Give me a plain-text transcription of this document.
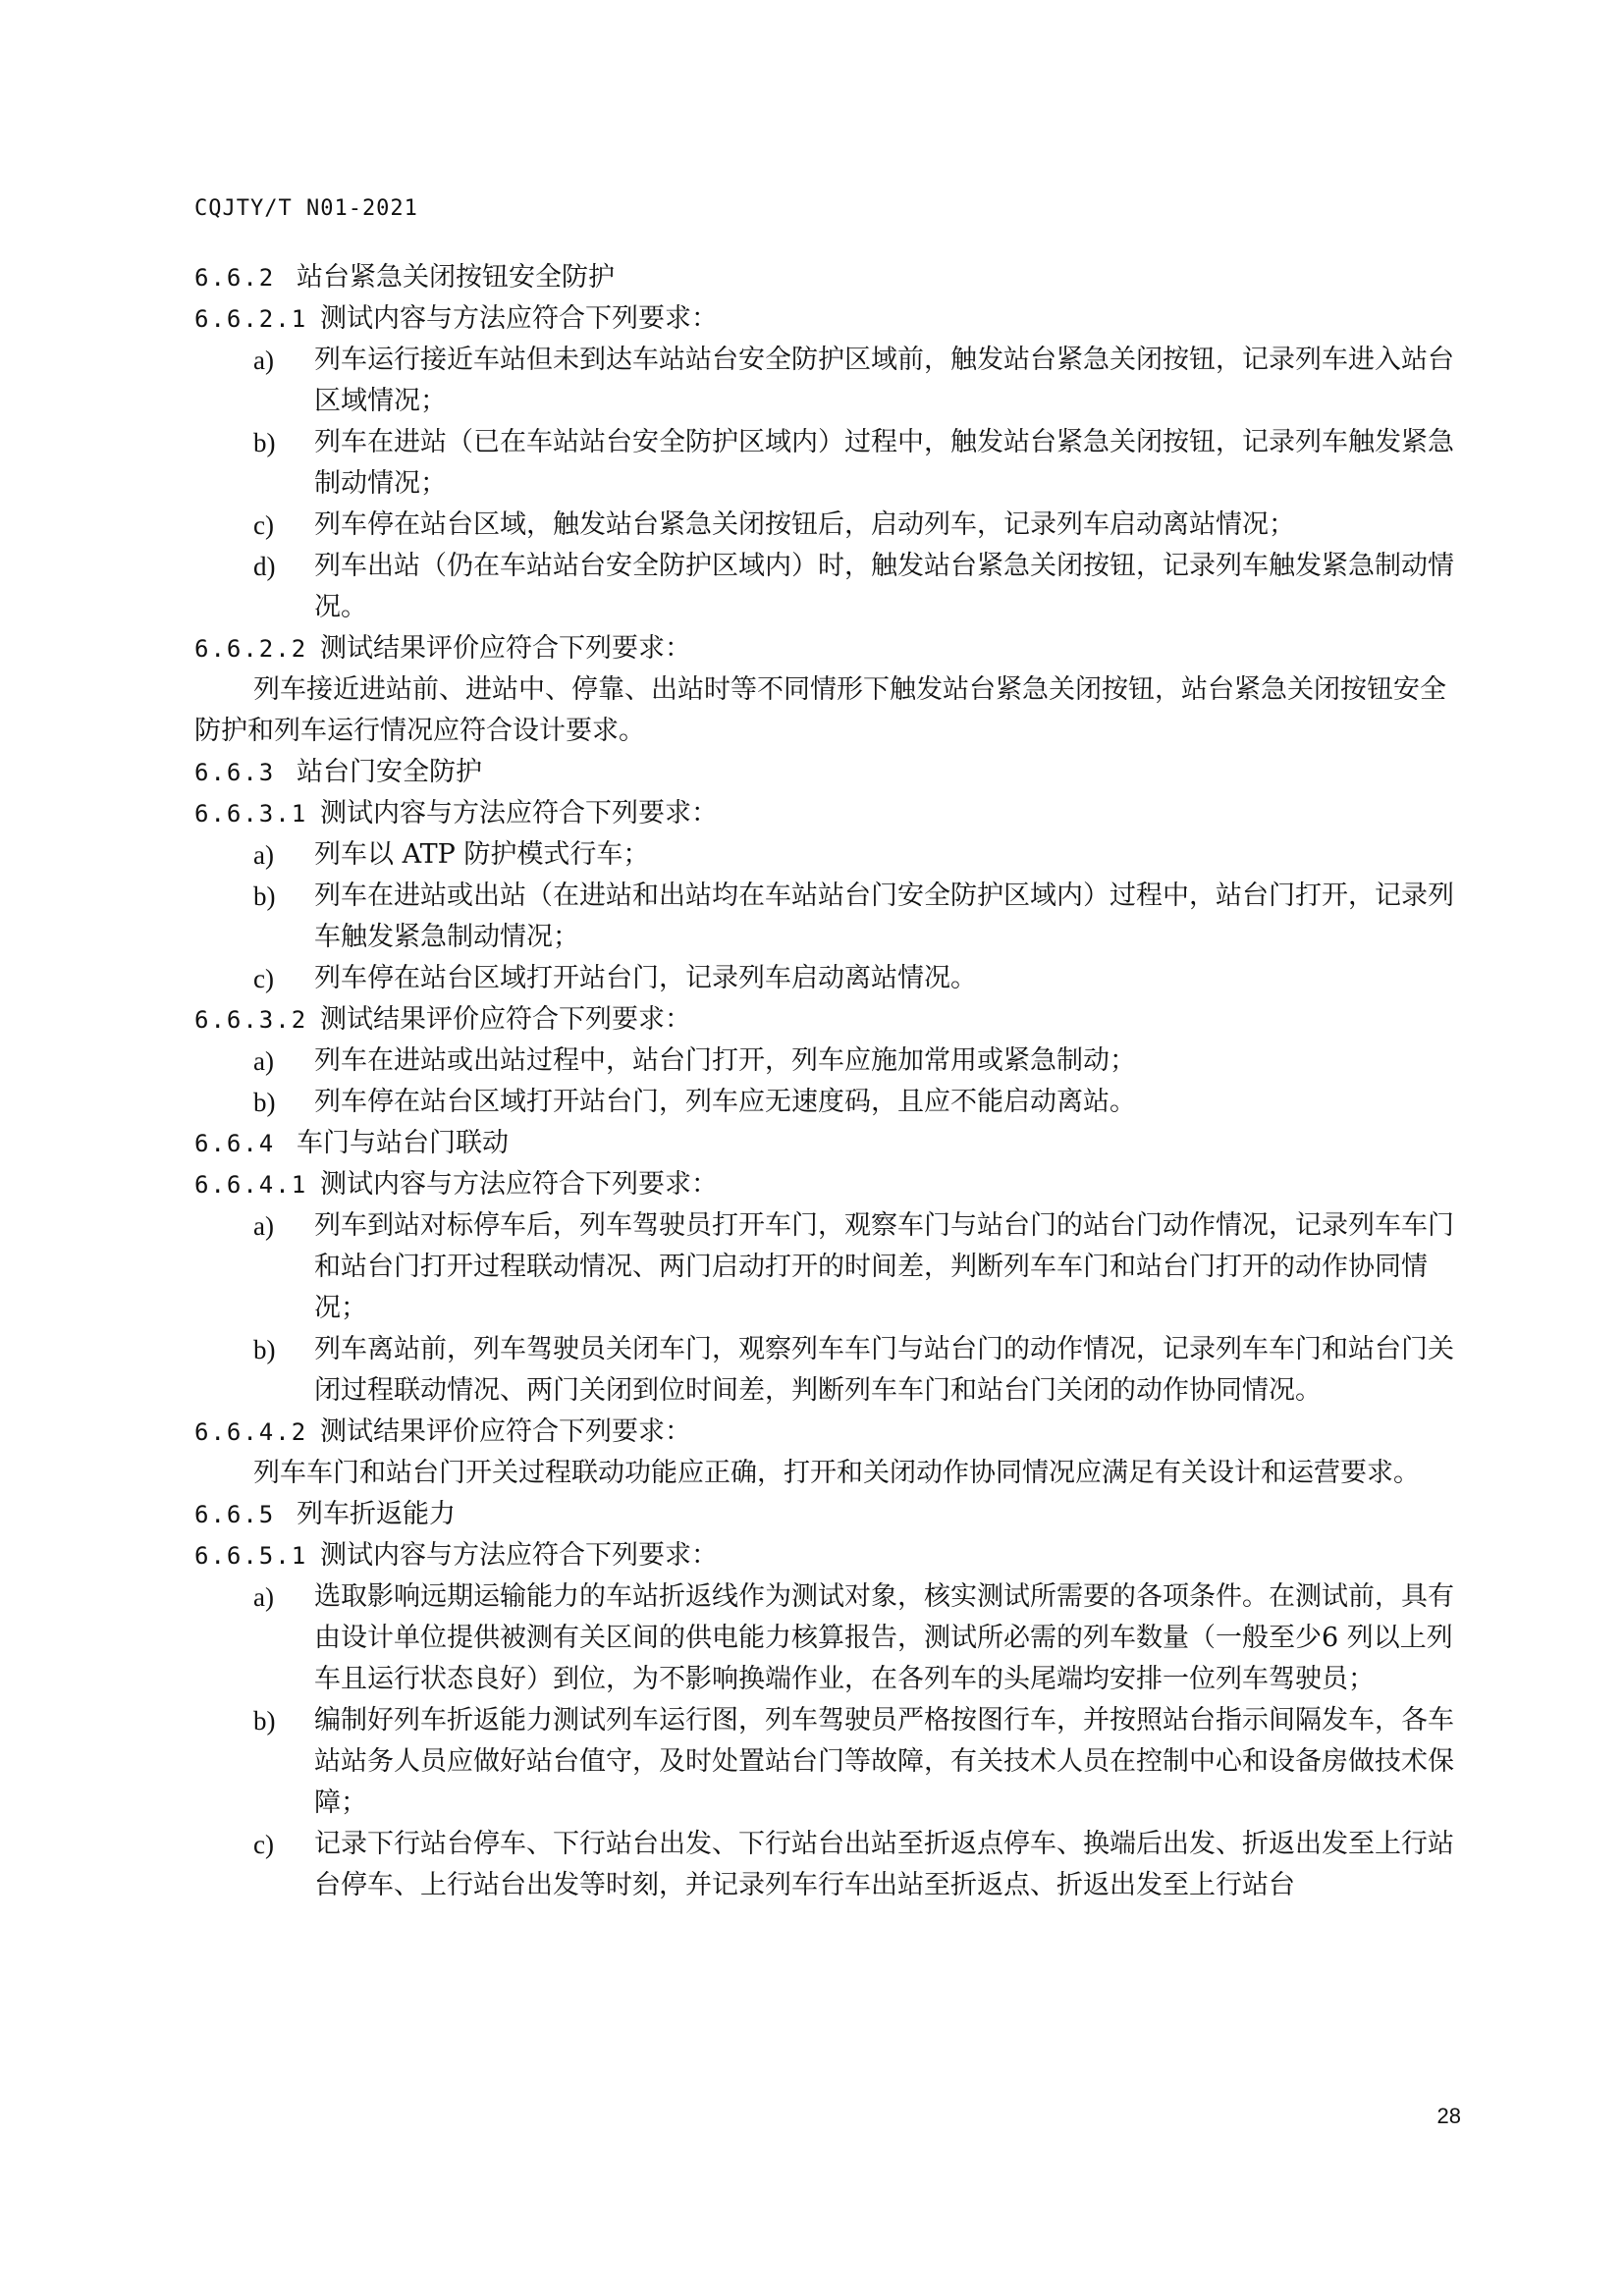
CQJTY/T N01-2021
6.6.2 站台紧急关闭按钮安全防护
6.6.2.1 测试内容与方法应符合下列要求：
a) 列车运行接近车站但未到达车站站台安全防护区域前，触发站台紧急关闭按钮，记录列车进入站台区域情况；
b) 列车在进站（已在车站站台安全防护区域内）过程中，触发站台紧急关闭按钮，记录列车触发紧急制动情况；
c) 列车停在站台区域，触发站台紧急关闭按钮后，启动列车，记录列车启动离站情况；
d) 列车出站（仍在车站站台安全防护区域内）时，触发站台紧急关闭按钮，记录列车触发紧急制动情况。
6.6.2.2 测试结果评价应符合下列要求：
列车接近进站前、进站中、停靠、出站时等不同情形下触发站台紧急关闭按钮，站台紧急关闭按钮安全防护和列车运行情况应符合设计要求。
6.6.3 站台门安全防护
6.6.3.1 测试内容与方法应符合下列要求：
a) 列车以 ATP 防护模式行车；
b) 列车在进站或出站（在进站和出站均在车站站台门安全防护区域内）过程中，站台门打开，记录列车触发紧急制动情况；
c) 列车停在站台区域打开站台门，记录列车启动离站情况。
6.6.3.2 测试结果评价应符合下列要求：
a) 列车在进站或出站过程中，站台门打开，列车应施加常用或紧急制动；
b) 列车停在站台区域打开站台门，列车应无速度码，且应不能启动离站。
6.6.4 车门与站台门联动
6.6.4.1 测试内容与方法应符合下列要求：
a) 列车到站对标停车后，列车驾驶员打开车门，观察车门与站台门的站台门动作情况，记录列车车门和站台门打开过程联动情况、两门启动打开的时间差，判断列车车门和站台门打开的动作协同情况；
b) 列车离站前，列车驾驶员关闭车门，观察列车车门与站台门的动作情况，记录列车车门和站台门关闭过程联动情况、两门关闭到位时间差，判断列车车门和站台门关闭的动作协同情况。
6.6.4.2 测试结果评价应符合下列要求：
列车车门和站台门开关过程联动功能应正确，打开和关闭动作协同情况应满足有关设计和运营要求。
6.6.5 列车折返能力
6.6.5.1 测试内容与方法应符合下列要求：
a) 选取影响远期运输能力的车站折返线作为测试对象，核实测试所需要的各项条件。在测试前，具有由设计单位提供被测有关区间的供电能力核算报告，测试所必需的列车数量（一般至少6 列以上列车且运行状态良好）到位，为不影响换端作业，在各列车的头尾端均安排一位列车驾驶员；
b) 编制好列车折返能力测试列车运行图，列车驾驶员严格按图行车，并按照站台指示间隔发车，各车站站务人员应做好站台值守，及时处置站台门等故障，有关技术人员在控制中心和设备房做技术保障；
c) 记录下行站台停车、下行站台出发、下行站台出站至折返点停车、换端后出发、折返出发至上行站台停车、上行站台出发等时刻，并记录列车行车出站至折返点、折返出发至上行站台
28
